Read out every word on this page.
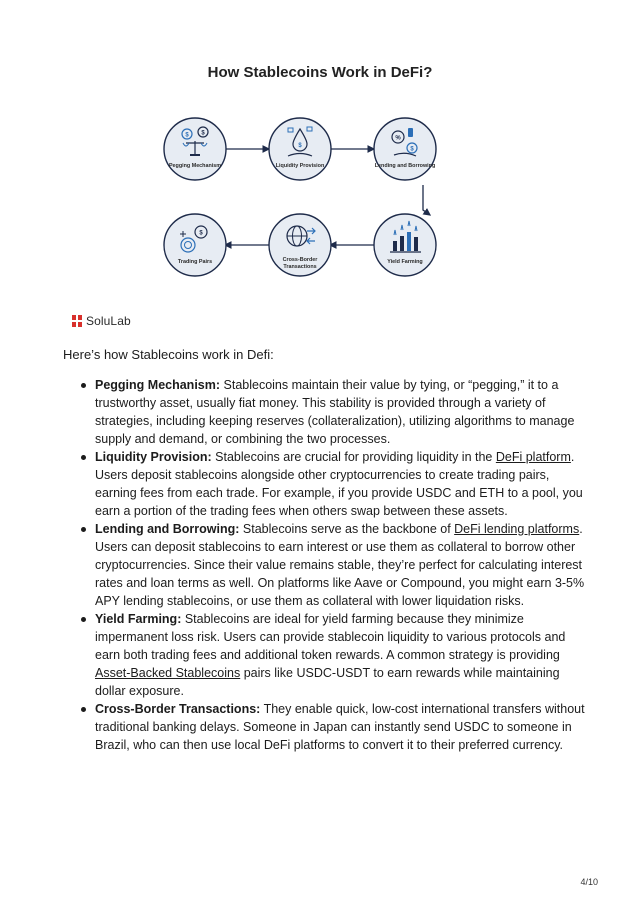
How Stablecoins Work in DeFi?
$ $
Pegging Mechanism
$
Liquidity Provision
%
$
Lending and Borrowing
$
Trading Pairs	Cross-Border
Transactions
Yield Farming
SoluLab
Here’s how Stablecoins work in Defi:
Pegging Mechanism: Stablecoins maintain their value by tying, or “pegging,” it to a trustworthy asset, usually fiat money. This stability is provided through a variety of strategies, including keeping reserves (collateralization), utilizing algorithms to manage supply and demand, or combining the two processes.
Liquidity Provision: Stablecoins are crucial for providing liquidity in the DeFi platform. Users deposit stablecoins alongside other cryptocurrencies to create trading pairs, earning fees from each trade. For example, if you provide USDC and ETH to a pool, you earn a portion of the trading fees when others swap between these assets.
Lending and Borrowing: Stablecoins serve as the backbone of DeFi lending platforms. Users can deposit stablecoins to earn interest or use them as collateral to borrow other cryptocurrencies. Since their value remains stable, they’re perfect for calculating interest rates and loan terms as well. On platforms like Aave or Compound, you might earn 3-5% APY lending stablecoins, or use them as collateral with lower liquidation risks.
Yield Farming: Stablecoins are ideal for yield farming because they minimize impermanent loss risk. Users can provide stablecoin liquidity to various protocols and earn both trading fees and additional token rewards. A common strategy is providing Asset-Backed Stablecoins pairs like USDC-USDT to earn rewards while maintaining dollar exposure.
Cross-Border Transactions: They enable quick, low-cost international transfers without traditional banking delays. Someone in Japan can instantly send USDC to someone in Brazil, who can then use local DeFi platforms to convert it to their preferred currency.
4/10
